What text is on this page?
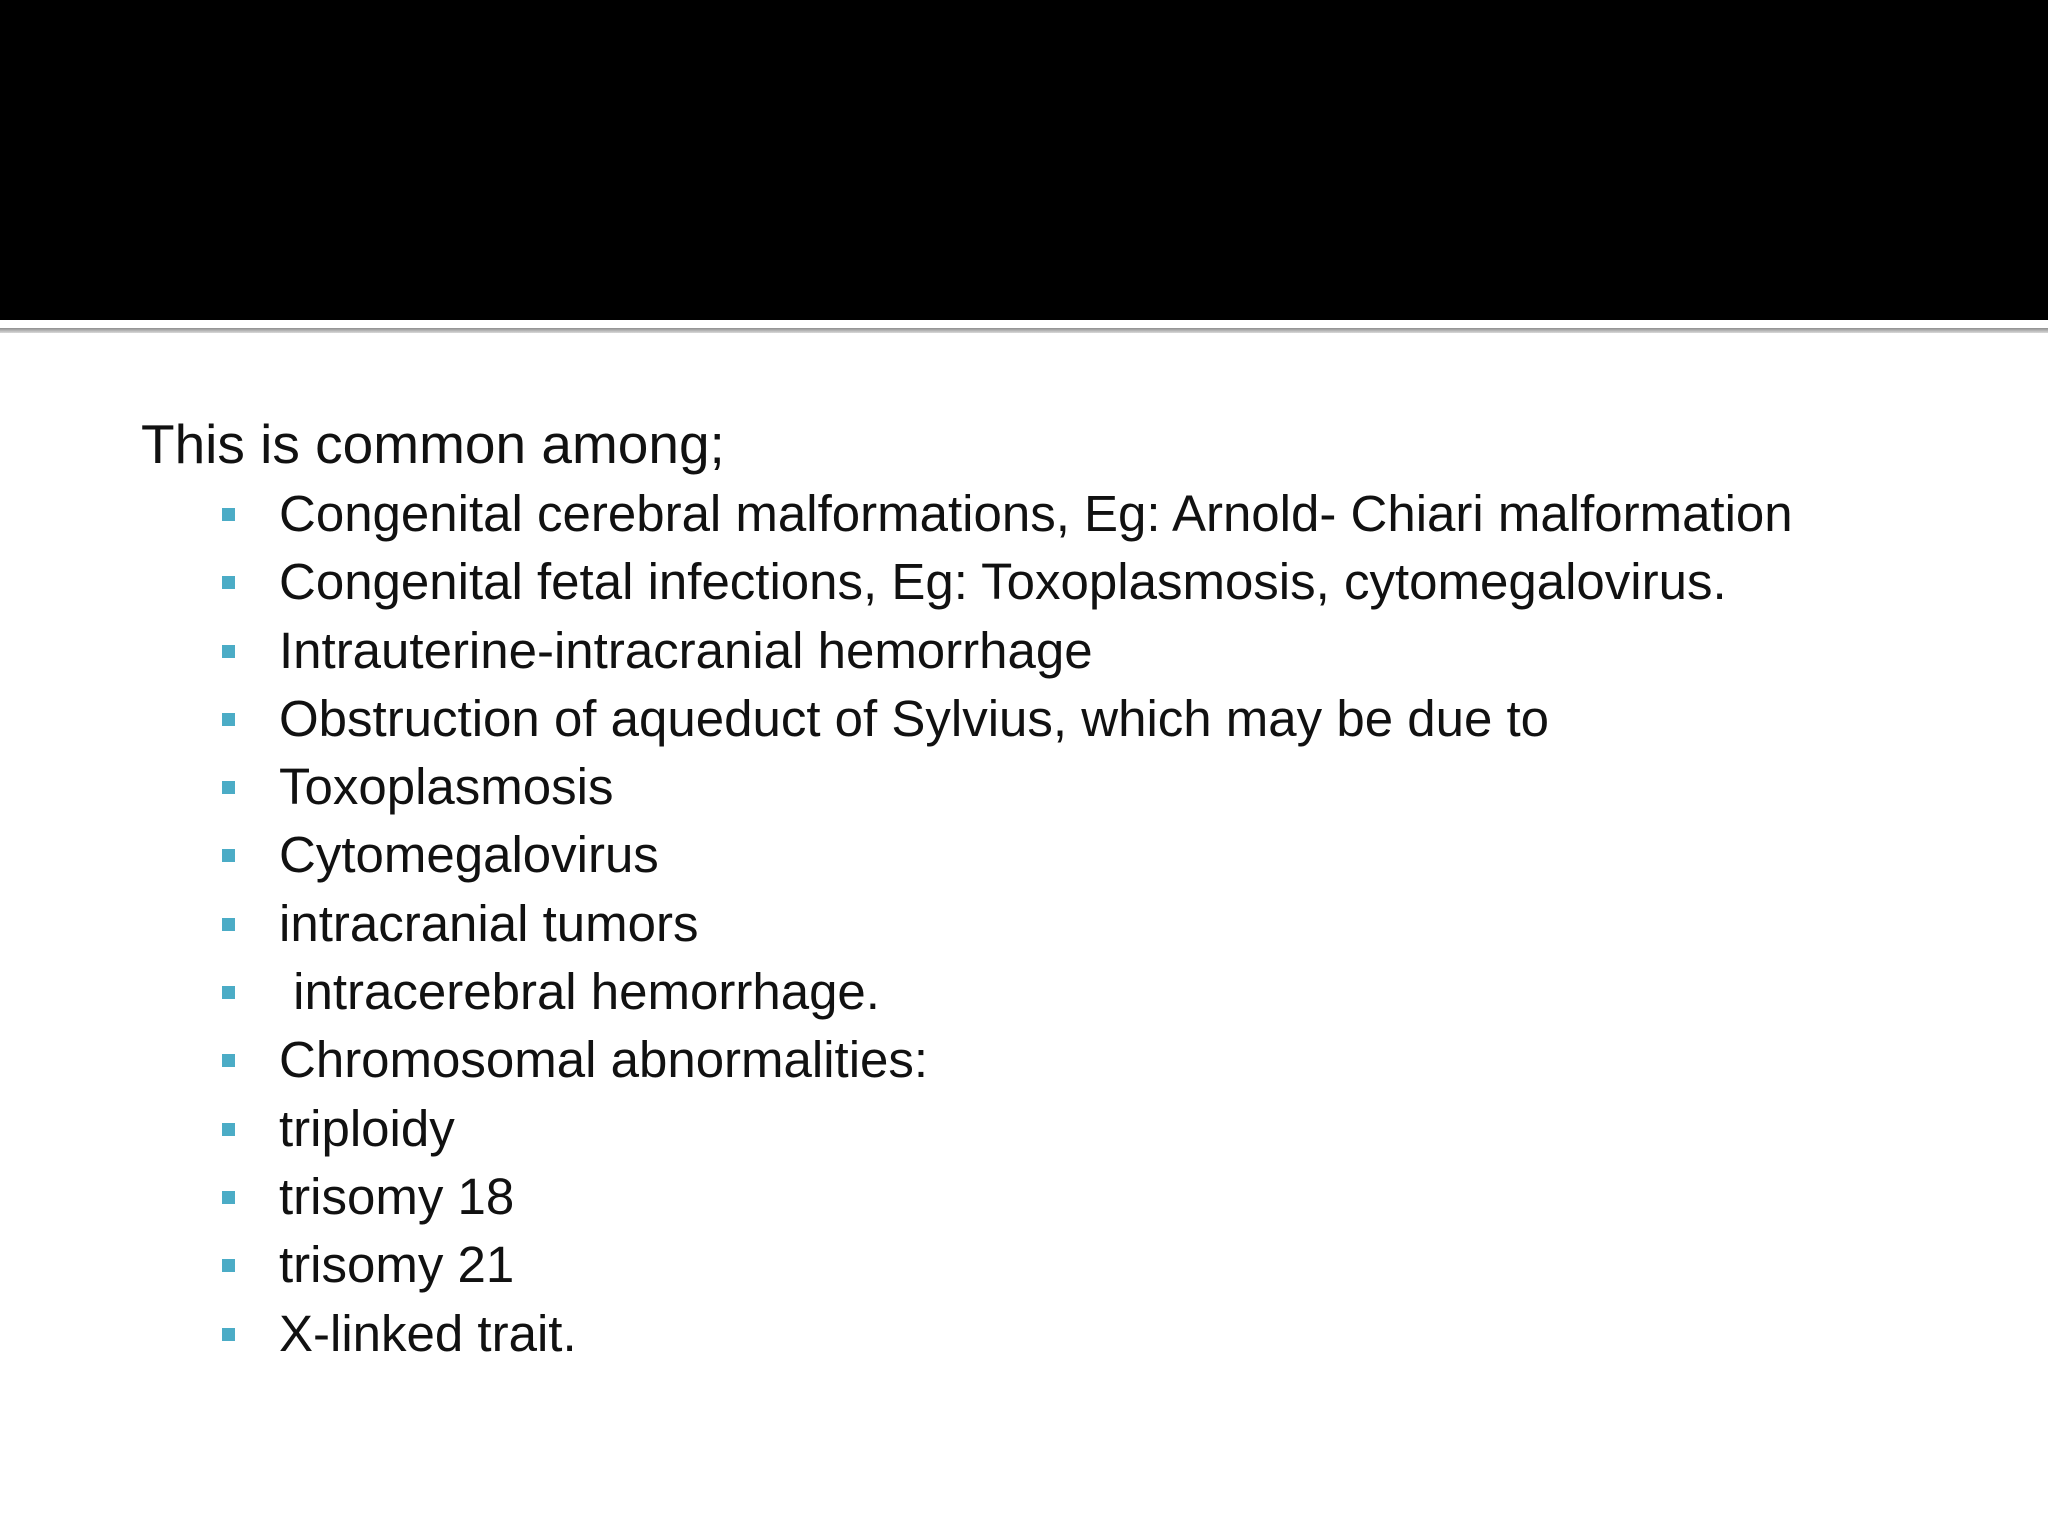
This is common among;

Congenital cerebral malformations, Eg: Arnold- Chiari malformation
Congenital fetal infections, Eg: Toxoplasmosis, cytomegalovirus.
Intrauterine-intracranial hemorrhage
Obstruction of aqueduct of Sylvius, which may be due to
Toxoplasmosis
Cytomegalovirus
intracranial tumors
intracerebral hemorrhage.
Chromosomal abnormalities:
triploidy
trisomy 18
trisomy 21
X-linked trait.
